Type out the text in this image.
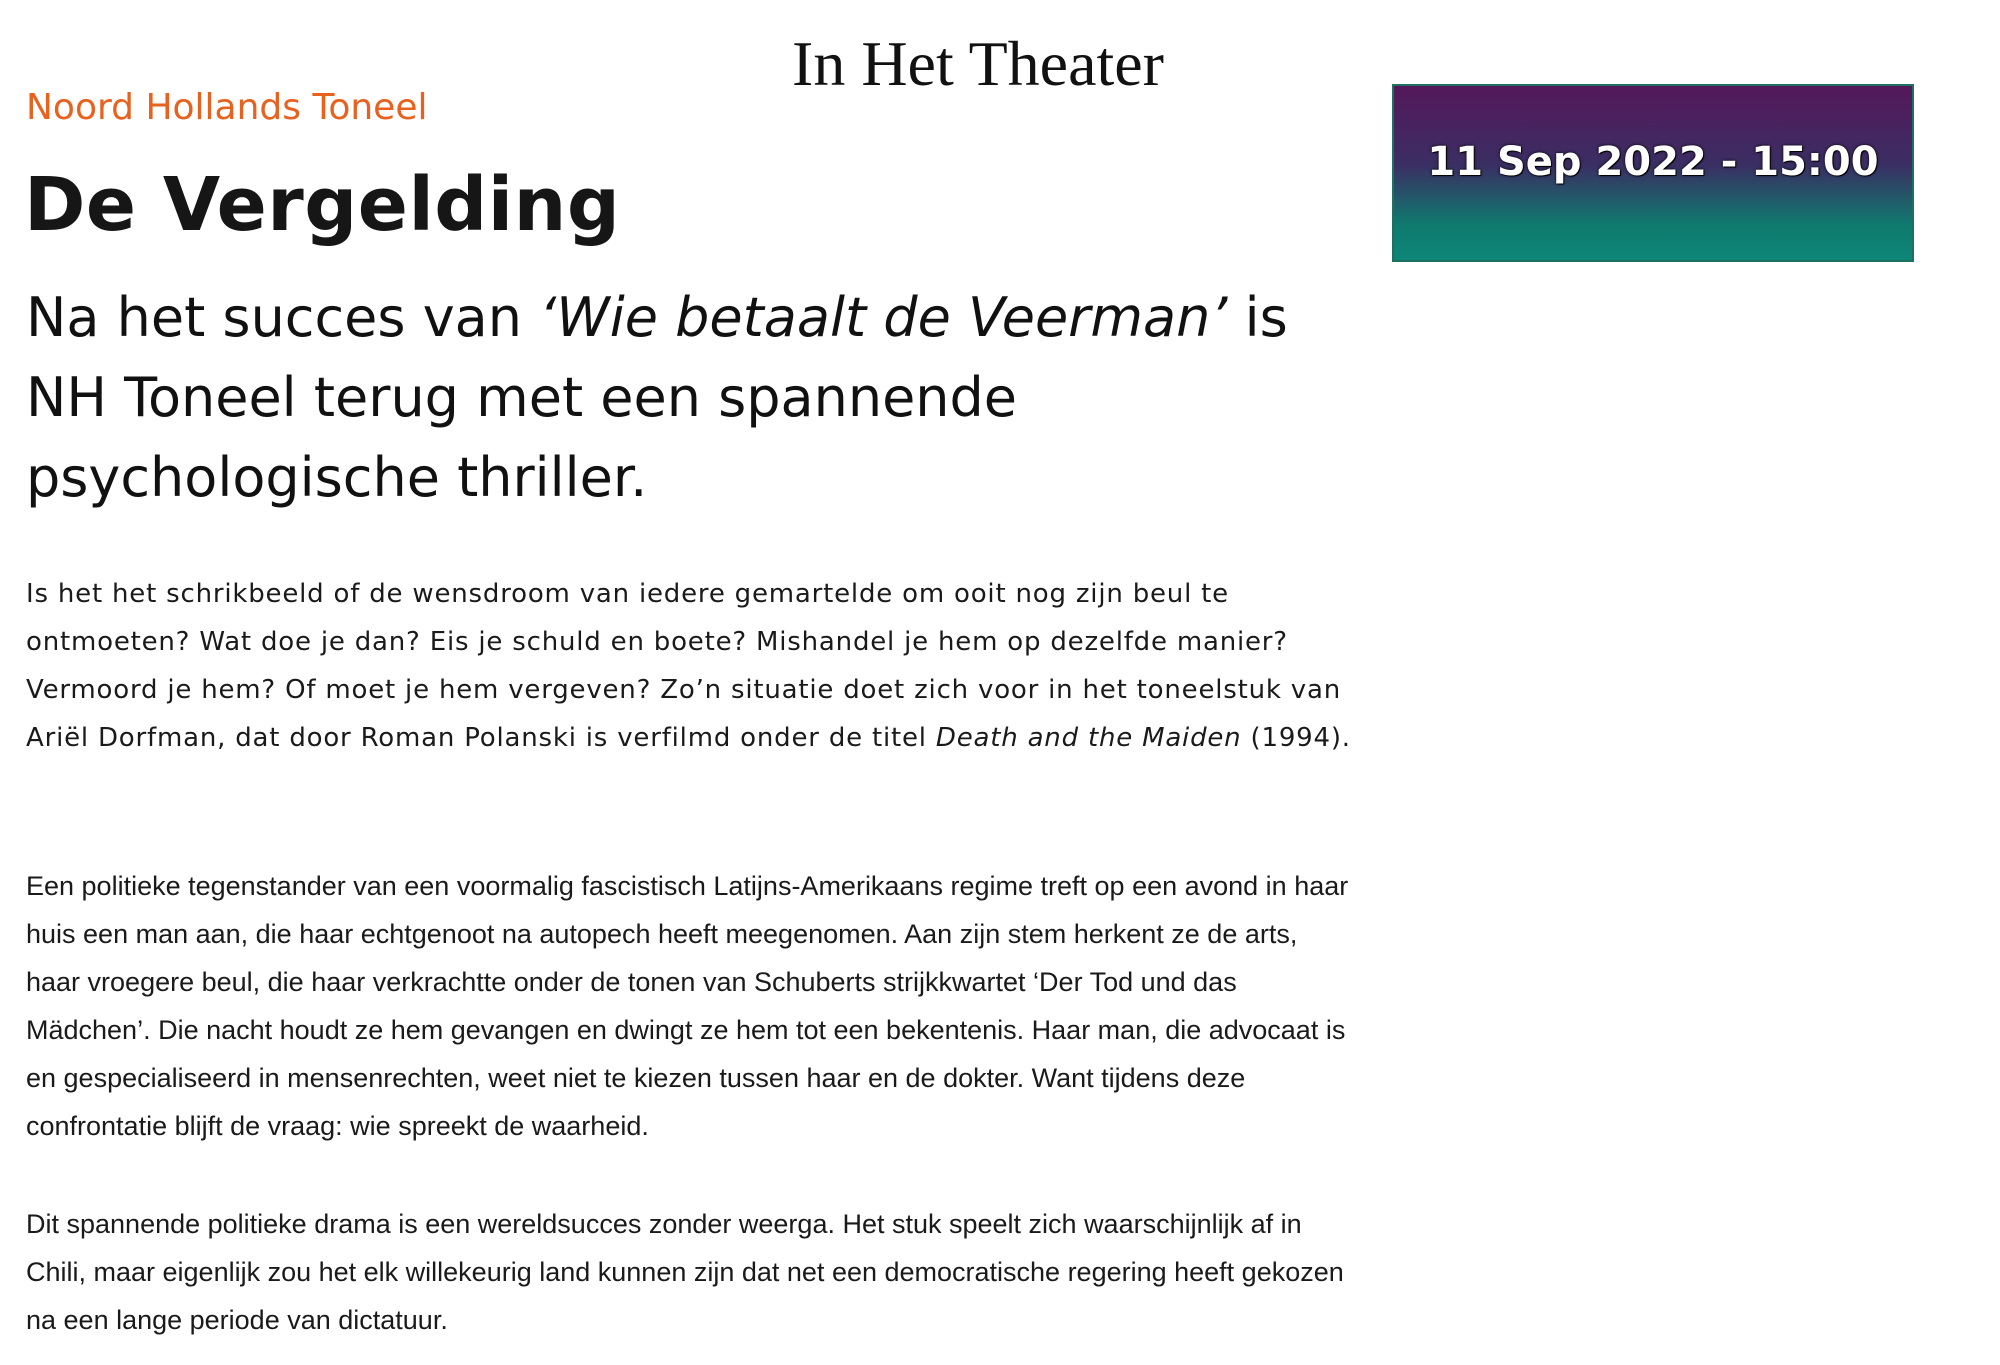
In Het Theater
Noord Hollands Toneel
De Vergelding
Na het succes van ‘Wie betaalt de Veerman’ is NH Toneel terug met een spannende psychologische thriller.

Is het het schrikbeeld of de wensdroom van iedere gemartelde om ooit nog zijn beul te ontmoeten? Wat doe je dan? Eis je schuld en boete? Mishandel je hem op dezelfde manier? Vermoord je hem? Of moet je hem vergeven? Zo’n situatie doet zich voor in het toneelstuk van Ariël Dorfman, dat door Roman Polanski is verfilmd onder de titel Death and the Maiden (1994).

Een politieke tegenstander van een voormalig fascistisch Latijns-Amerikaans regime treft op een avond in haar huis een man aan, die haar echtgenoot na autopech heeft meegenomen. Aan zijn stem herkent ze de arts, haar vroegere beul, die haar verkrachtte onder de tonen van Schuberts strijkkwartet ‘Der Tod und das Mädchen’. Die nacht houdt ze hem gevangen en dwingt ze hem tot een bekentenis. Haar man, die advocaat is en gespecialiseerd in mensenrechten, weet niet te kiezen tussen haar en de dokter. Want tijdens deze confrontatie blijft de vraag: wie spreekt de waarheid.

Dit spannende politieke drama is een wereldsucces zonder weerga. Het stuk speelt zich waarschijnlijk af in Chili, maar eigenlijk zou het elk willekeurig land kunnen zijn dat net een democratische regering heeft gekozen na een lange periode van dictatuur.

11 Sep 2022 - 15:00
